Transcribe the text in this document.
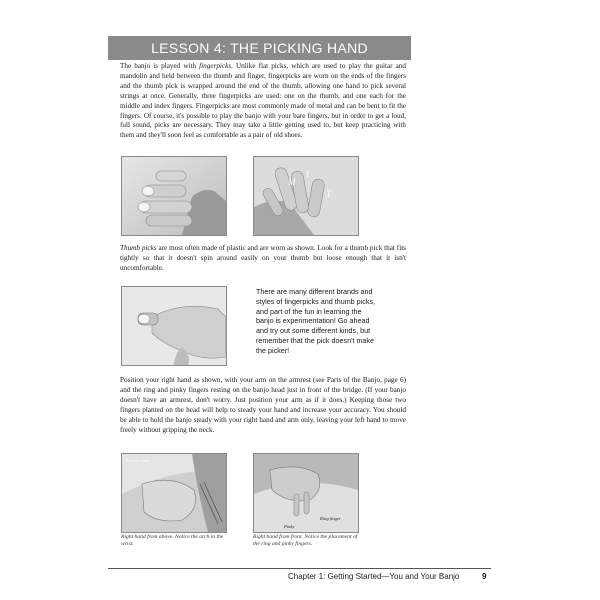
LESSON 4: THE PICKING HAND

The banjo is played with fingerpicks. Unlike flat picks, which are used to play the guitar and mandolin and held between the thumb and finger, fingerpicks are worn on the ends of the fingers and the thumb pick is wrapped around the end of the thumb, allowing one hand to pick several strings at once. Generally, three fingerpicks are used: one on the thumb, and one each for the middle and index fingers. Fingerpicks are most commonly made of metal and can be bent to fit the fingers. Of course, it's possible to play the banjo with your bare fingers, but in order to get a loud, full sound, picks are necessary. They may take a little getting used to, but keep practicing with them and they'll soon feel as comfortable as a pair of old shoes.

M
I
T

Thumb picks are most often made of plastic and are worn as shown. Look for a thumb pick that fits tightly so that it doesn't spin around easily on your thumb but loose enough that it isn't uncomfortable.

There are many different brands and styles of fingerpicks and thumb picks, and part of the fun in learning the banjo is experimentation! Go ahead and try out some different kinds, but remember that the pick doesn't make the picker!

Position your right hand as shown, with your arm on the armrest (see Parts of the Banjo, page 6) and the ring and pinky fingers resting on the banjo head just in front of the bridge. (If your banjo doesn't have an armrest, don't worry. Just position your arm as if it does.) Keeping those two fingers planted on the head will help to steady your hand and increase your accuracy. You should be able to hold the banjo steady with your right hand and arm only, leaving your left hand to move freely without gripping the neck.

Arch in wrist
Pinky
Ring finger

Right hand from above. Notice the arch in the wrist.

Right hand from front. Notice the placement of the ring and pinky fingers.

Chapter 1: Getting Started—You and Your Banjo	9
